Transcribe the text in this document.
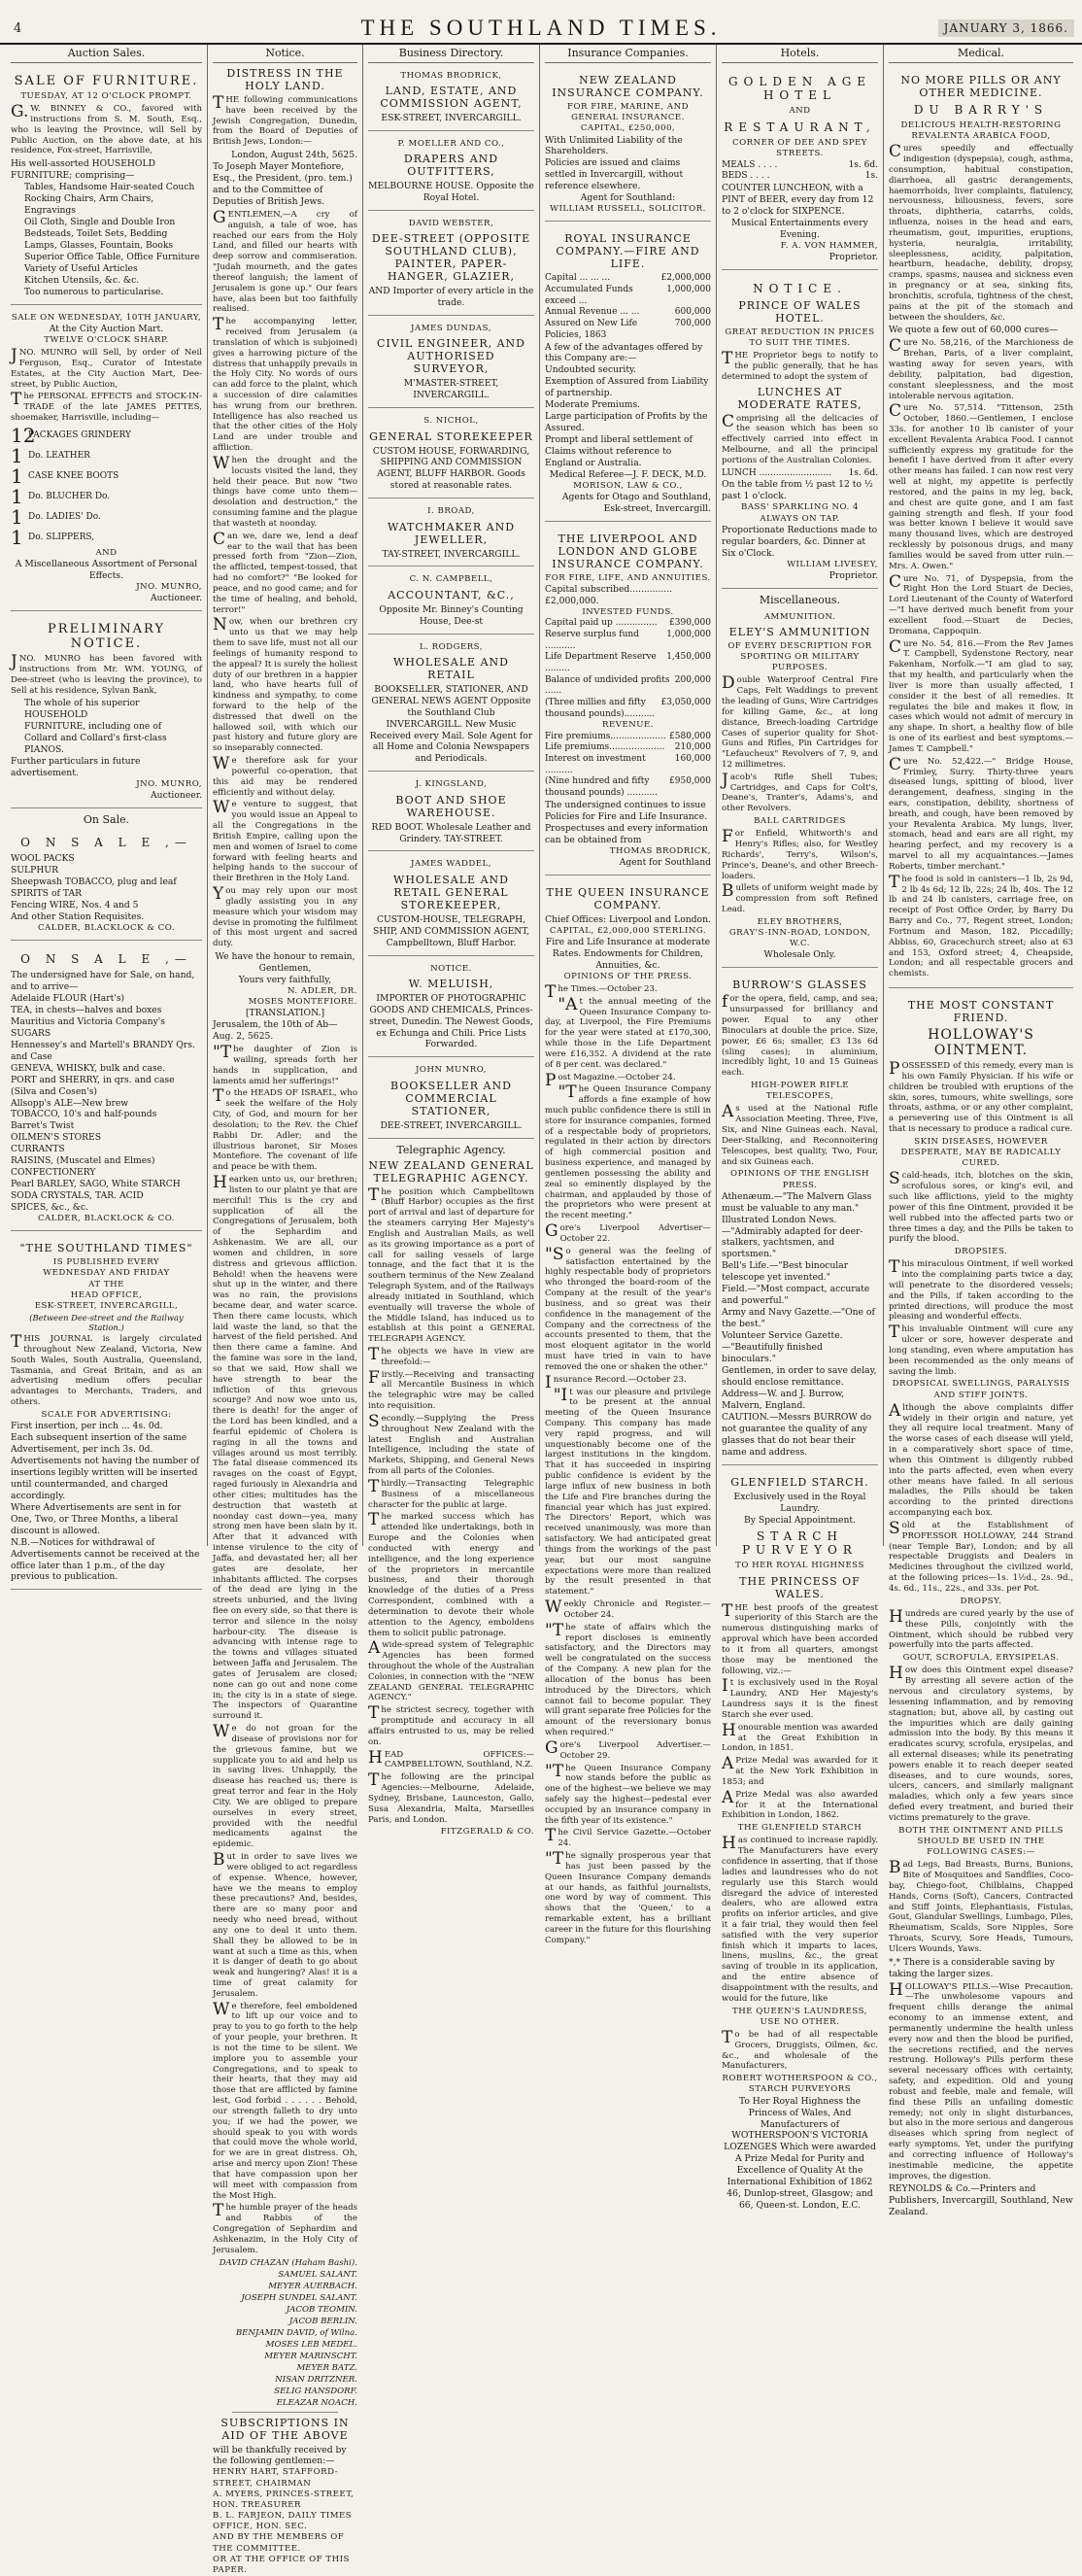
4	THE SOUTHLAND TIMES.	JANUARY 3, 1866.
Auction Sales.
SALE OF FURNITURE.

TUESDAY, AT 12 O'CLOCK PROMPT.

G.W. BINNEY & CO., favored with instructions from S. M. South, Esq., who is leaving the Province, will Sell by Public Auction, on the above date, at his residence, Fox-street, Harrisville,

His well-assorted HOUSEHOLD FURNITURE; comprising—

Tables, Handsome Hair-seated Couch

Rocking Chairs, Arm Chairs, Engravings

Oil Cloth, Single and Double Iron Bedsteads, Toilet Sets, Bedding

Lamps, Glasses, Fountain, Books

Superior Office Table, Office Furniture

Variety of Useful Articles

Kitchen Utensils, &c. &c.

Too numerous to particularise.

SALE ON WEDNESDAY, 10TH JANUARY,

At the City Auction Mart.

TWELVE O'CLOCK SHARP.

JNO. MUNRO will Sell, by order of Neil Ferguson, Esq., Curator of Intestate Estates, at the City Auction Mart, Dee-street, by Public Auction,

The PERSONAL EFFECTS and STOCK-IN-TRADE of the late JAMES PETTES, shoemaker, Harrisville, including—

12
PACKAGES GRINDERY
1 Do. LEATHER
1 CASE KNEE BOOTS
1 Do. BLUCHER Do.
1 Do. LADIES' Do.
1 Do. SLIPPERS,

AND

A Miscellaneous Assortment of Personal Effects.

JNO. MUNRO,

Auctioneer.

PRELIMINARY NOTICE.

JNO. MUNRO has been favored with instructions from Mr. WM. YOUNG, of Dee-street (who is leaving the province), to Sell at his residence, Sylvan Bank,

The whole of his superior HOUSEHOLD

FURNITURE, including one of

Collard and Collard's first-class

PIANOS.

Further particulars in future advertisement.

JNO. MUNRO,

Auctioneer.

On Sale.
O N S A L E ,—

WOOL PACKS

SULPHUR

Sheepwash TOBACCO, plug and leaf

SPIRITS of TAR

Fencing WIRE, Nos. 4 and 5

And other Station Requisites.

CALDER, BLACKLOCK & CO.

O N S A L E ,—

The undersigned have for Sale, on hand, and to arrive—

Adelaide FLOUR (Hart's)

TEA, in chests—halves and boxes

Mauritius and Victoria Company's SUGARS

Hennessey's and Martell's BRANDY Qrs. and Case

GENEVA, WHISKY, bulk and case.

PORT and SHERRY, in qrs. and case (Silva and Cosen's)

Allsopp's ALE—New brew

TOBACCO, 10's and half-pounds

Barret's Twist

OILMEN'S STORES

CURRANTS

RAISINS, (Muscatel and Elmes)

CONFECTIONERY

Pearl BARLEY, SAGO, White STARCH

SODA CRYSTALS, TAR. ACID

SPICES, &c., &c.

CALDER, BLACKLOCK & CO.

"THE SOUTHLAND TIMES"

IS PUBLISHED EVERY

WEDNESDAY AND FRIDAY

AT THE

HEAD OFFICE,

ESK-STREET, INVERCARGILL,

(Between Dee-street and the Railway Station.)

THIS JOURNAL is largely circulated throughout New Zealand, Victoria, New South Wales, South Australia, Queensland, Tasmania, and Great Britain, and as an advertising medium offers peculiar advantages to Merchants, Traders, and others.

SCALE FOR ADVERTISING:

First insertion, per inch ... 4s. 0d.

Each subsequent insertion of the same Advertisement, per inch 3s. 0d.

Advertisements not having the number of insertions legibly written will be inserted until countermanded, and charged accordingly.

Where Advertisements are sent in for One, Two, or Three Months, a liberal discount is allowed.

N.B.—Notices for withdrawal of Advertisements cannot be received at the office later than 1 p.m., of the day previous to publication.

Notice.
DISTRESS IN THE HOLY LAND.

THE following communications have been received by the Jewish Congregation, Dunedin, from the Board of Deputies of British Jews, London:—

London, August 24th, 5625.

To Joseph Mayer Montefiore, Esq., the President, (pro. tem.) and to the Committee of Deputies of British Jews.

GENTLEMEN,—A cry of anguish, a tale of woe, has reached our ears from the Holy Land, and filled our hearts with deep sorrow and commiseration. "Judah mourneth, and the gates thereof languish; the lament of Jerusalem is gone up." Our fears have, alas been but too faithfully realised.

The accompanying letter, received from Jerusalem (a translation of which is subjoined) gives a harrowing picture of the distress that unhappily prevails in the Holy City. No words of ours can add force to the plaint, which a succession of dire calamities has wrung from our brethren. Intelligence has also reached us that the other cities of the Holy Land are under trouble and affliction.

When the drought and the locusts visited the land, they held their peace. But now "two things have come unto them—desolation and destruction," the consuming famine and the plague that wasteth at noonday.

Can we, dare we, lend a deaf ear to the wail that has been pressed forth from "Zion—Zion, the afflicted, tempest-tossed, that had no comfort?" "Be looked for peace, and no good came; and for the time of healing, and behold, terror!"

Now, when our brethren cry unto us that we may help them to save life, must not all our feelings of humanity respond to the appeal? It is surely the holiest duty of our brethren in a happier land, who have hearts full of kindness and sympathy, to come forward to the help of the distressed that dwell on the hallowed soil, with which our past history and future glory are so inseparably connected.

We therefore ask for your powerful co-operation, that this aid may be rendered efficiently and without delay.

We venture to suggest, that you would issue an Appeal to all the Congregations in the British Empire, calling upon the men and women of Israel to come forward with feeling hearts and helping hands to the succour of their Brethren in the Holy Land.

You may rely upon our most gladly assisting you in any measure which your wisdom may devise in promoting the fulfilment of this most urgent and sacred duty.

We have the honour to remain,

Gentlemen,

Yours very faithfully,

N. ADLER, DR.

MOSES MONTEFIORE.

[TRANSLATION.]

Jerusalem, the 10th of Ab—Aug. 2, 5625.

"The daughter of Zion is wailing, spreads forth her hands in supplication, and laments amid her sufferings!"

To the HEADS OF ISRAEL, who seek the welfare of the Holy City, of God, and mourn for her desolation; to the Rev. the Chief Rabbi Dr. Adler; and the illustrious baronet, Sir Moses Montefiore. The covenant of life and peace be with them.

Hearken unto us, our brethren; listen to our plaint ye that are merciful! This is the cry and supplication of all the Congregations of Jerusalem, both of the Sephardim and Ashkenasim. We are all, our women and children, in sore distress and grievous affliction. Behold! when the heavens were shut up in the winter, and there was no rain, the provisions became dear, and water scarce. Then there came locusts, which laid waste the land, so that the harvest of the field perished. And then there came a famine. And the famine was sore in the land, so that we said, How shall we have strength to bear the infliction of this grievous scourge? And now woe unto us, there is death! for the anger of the Lord has been kindled, and a fearful epidemic of Cholera is raging in all the towns and villages around us most terribly. The fatal disease commenced its ravages on the coast of Egypt, raged furiously in Alexandria and other cities; multitudes has the destruction that wasteth at noonday cast down—yea, many strong men have been slain by it. After that it advanced with intense virulence to the city of Jaffa, and devastated her; all her gates are desolate, her inhabitants afflicted. The corpses of the dead are lying in the streets unburied, and the living flee on every side, so that there is terror and silence in the noisy harbour-city. The disease is advancing with intense rage to the towns and villages situated between Jaffa and Jerusalem. The gates of Jerusalem are closed; none can go out and none come in; the city is in a state of siege. The inspectors of Quarantine surround it.

We do not groan for the disease of provisions nor for the grievous famine, but we supplicate you to aid and help us in saving lives. Unhappily, the disease has reached us; there is great terror and fear in the Holy City. We are obliged to prepare ourselves in every street, provided with the needful medicaments against the epidemic.

But in order to save lives we were obliged to act regardless of expense. Whence, however, have we the means to employ these precautions? And, besides, there are so many poor and needy who need bread, without any one to deal it unto them. Shall they be allowed to be in want at such a time as this, when it is danger of death to go about weak and hungering? Alas! it is a time of great calamity for Jerusalem.

We therefore, feel emboldened to lift up our voice and to pray to you to go forth to the help of your people, your brethren. It is not the time to be silent. We implore you to assemble your Congregations, and to speak to their hearts, that they may aid those that are afflicted by famine lest, God forbid . . . . . . Behold, our strength falleth to dry unto you; if we had the power, we should speak to you with words that could move the whole world, for we are in great distress. Oh, arise and mercy upon Zion! These that have compassion upon her will meet with compassion from the Most High.

The humble prayer of the heads and Rabbis of the Congregation of Sephardim and Ashkenazim, in the Holy City of Jerusalem.

DAVID CHAZAN (Haham Bashi).

SAMUEL SALANT.

MEYER AUERBACH.

JOSEPH SUNDEL SALANT.

JACOB TEOMIN.

JACOB BERLIN.

BENJAMIN DAVID, of Wilna.

MOSES LEB MEDEL.

MEYER MARINSCHT.

MEYER BATZ.

NISAN DRITZNER.

SELIG HANSDORF.

ELEAZAR NOACH.

SUBSCRIPTIONS IN AID OF THE ABOVE

will be thankfully received by the following gentlemen:—

HENRY HART, STAFFORD-STREET, CHAIRMAN

A. MYERS, PRINCES-STREET, HON. TREASURER

B. L. FARJEON, DAILY TIMES OFFICE, HON. SEC.

AND BY THE MEMBERS OF THE COMMITTEE.

OR AT THE OFFICE OF THIS PAPER.

Business Directory.

THOMAS BRODRICK,

LAND, ESTATE, AND COMMISSION AGENT,

ESK-STREET, INVERCARGILL.

P. MOELLER AND CO.,

DRAPERS AND OUTFITTERS,

MELBOURNE HOUSE. Opposite the Royal Hotel.

DAVID WEBSTER,

DEE-STREET (OPPOSITE SOUTHLAND CLUB), PAINTER, PAPER-HANGER, GLAZIER,

AND Importer of every article in the trade.

JAMES DUNDAS,

CIVIL ENGINEER, AND AUTHORISED SURVEYOR,

M'MASTER-STREET, INVERCARGILL.

S. NICHOL,

GENERAL STOREKEEPER

CUSTOM HOUSE, FORWARDING, SHIPPING AND COMMISSION AGENT, BLUFF HARBOR. Goods stored at reasonable rates.

I. BROAD,

WATCHMAKER AND JEWELLER,

TAY-STREET, INVERCARGILL.

C. N. CAMPBELL,

ACCOUNTANT, &C.,

Opposite Mr. Binney's Counting House, Dee-st

L. RODGERS,

WHOLESALE AND RETAIL

BOOKSELLER, STATIONER, AND GENERAL NEWS AGENT Opposite the Southland Club INVERCARGILL. New Music Received every Mail. Sole Agent for all Home and Colonia Newspapers and Periodicals.

J. KINGSLAND,

BOOT AND SHOE WAREHOUSE.

RED BOOT. Wholesale Leather and Grindery. TAY-STREET.

JAMES WADDEL,

WHOLESALE AND RETAIL GENERAL STOREKEEPER,

CUSTOM-HOUSE, TELEGRAPH, SHIP, AND COMMISSION AGENT, Campbelltown, Bluff Harbor.

NOTICE.

W. MELUISH,

IMPORTER OF PHOTOGRAPHIC GOODS AND CHEMICALS, Princes-street, Dunedin. The Newest Goods, ex Echunga and Chili. Price Lists Forwarded.

JOHN MUNRO,

BOOKSELLER AND COMMERCIAL STATIONER,

DEE-STREET, INVERCARGILL.

Telegraphic Agency.
NEW ZEALAND GENERAL TELEGRAPHIC AGENCY.

The position which Campbelltown (Bluff Harbor) occupies as the first port of arrival and last of departure for the steamers carrying Her Majesty's English and Australian Mails, as well as its growing importance as a port of call for sailing vessels of large tonnage, and the fact that it is the southern terminus of the New Zealand Telegraph System, and of the Railways already initiated in Southland, which eventually will traverse the whole of the Middle Island, has induced us to establish at this point a GENERAL TELEGRAPH AGENCY.

The objects we have in view are threefold:—

Firstly.—Receiving and transacting all Mercantile Business in which the telegraphic wire may be called into requisition.

Secondly.—Supplying the Press throughout New Zealand with the latest English and Australian Intelligence, including the state of Markets, Shipping, and General News from all parts of the Colonies.

Thirdly.—Transacting Telegraphic Business of a miscellaneous character for the public at large.

The marked success which has attended like undertakings, both in Europe and the Colonies when conducted with energy and intelligence, and the long experience of the proprietors in mercantile business, and their thorough knowledge of the duties of a Press Correspondent, combined with a determination to devote their whole attention to the Agency, emboldens them to solicit public patronage.

Awide-spread system of Telegraphic Agencies has been formed throughout the whole of the Australian Colonies, in connection with the "NEW ZEALAND GENERAL TELEGRAPHIC AGENCY."

The strictest secrecy, together with promptitude and accuracy in all affairs entrusted to us, may be relied on.

HEAD OFFICES:—CAMPBELLTOWN, Southland, N.Z.

The following are the principal Agencies:—Melbourne, Adelaide, Sydney, Brisbane, Launceston, Gallo, Susa Alexandria, Malta, Marseilles Paris, and London.

FITZGERALD & CO.

Insurance Companies.
NEW ZEALAND INSURANCE COMPANY.

FOR FIRE, MARINE, AND GENERAL INSURANCE.

CAPITAL, £250,000,

With Unlimited Liability of the Shareholders.

Policies are issued and claims settled in Invercargill, without reference elsewhere.

Agent for Southland:

WILLIAM RUSSELL, SOLICITOR.

ROYAL INSURANCE COMPANY.—FIRE AND LIFE.
Capital ... ... ...	£2,000,000
Accumulated Funds exceed ...
1,000,000
Annual Revenue ... ...	600,000
Assured on New Life Policies, 1863
700,000

A few of the advantages offered by this Company are:—

Undoubted security.

Exemption of Assured from Liability of partnership.

Moderate Premiums.

Large participation of Profits by the Assured.

Prompt and liberal settlement of Claims without reference to England or Australia.

Medical Referee—J. F. DECK, M.D.

MORISON, LAW & CO.,

Agents for Otago and Southland, Esk-street, Invercargill.

THE LIVERPOOL AND LONDON AND GLOBE INSURANCE COMPANY.

FOR FIRE, LIFE, AND ANNUITIES.

Capital subscribed...............£2,000,000.

INVESTED FUNDS.

Capital paid up ............... £390,000
Reserve surplus fund ...........
1,000,000
Life Department Reserve .........
1,450,000
Balance of undivided profits ......
200,000
(Three millies and fifty thousand pounds)...........
£3,050,000

REVENUE.

Fire premiums.................... £580,000
Life premiums.................... 210,000
Interest on investment ..........
160,000
(Nine hundred and fifty thousand pounds) ...........
£950,000

The undersigned continues to issue Policies for Fire and Life Insurance.

Prospectuses and every information can be obtained from

THOMAS BRODRICK,

Agent for Southland

THE QUEEN INSURANCE COMPANY.

Chief Offices: Liverpool and London.

CAPITAL, £2,000,000 STERLING.

Fire and Life Insurance at moderate Rates. Endowments for Children, Annuities, &c.

OPINIONS OF THE PRESS.

The Times.—October 23.

"At the annual meeting of the Queen Insurance Company to-day, at Liverpool, the Fire Premiums for the year were stated at £170,300, while those in the Life Department were £16,352. A dividend at the rate of 8 per cent. was declared."

Post Magazine.—October 24.

"The Queen Insurance Company affords a fine example of how much public confidence there is still in store for insurance companies, formed of a respectable body of proprietors, regulated in their action by directors of high commercial position and business experience, and managed by gentlemen possessing the ability and zeal so eminently displayed by the chairman, and applauded by those of the proprietors who were present at the recent meeting."

Gore's Liverpool Advertiser—October 22.

"So general was the feeling of satisfaction entertained by the highly respectable body of proprietors who thronged the board-room of the Company at the result of the year's business, and so great was their confidence in the management of the Company and the correctness of the accounts presented to them, that the most eloquent agitator in the world must have tried in vain to have removed the one or shaken the other."

Insurance Record.—October 23.

"It was our pleasure and privilege to be present at the annual meeting of the Queen Insurance Company. This company has made very rapid progress, and will unquestionably become one of the largest institutions in the kingdom. That it has succeeded in inspiring public confidence is evident by the large influx of new business in both the Life and Fire branches during the financial year which has just expired. The Directors' Report, which was received unanimously, was more than satisfactory. We had anticipated great things from the workings of the past year, but our most sanguine expectations were more than realized by the result presented in that statement."

Weekly Chronicle and Register.—October 24.

"The state of affairs which the report discloses is eminently satisfactory, and the Directors may well be congratulated on the success of the Company. A new plan for the allocation of the bonus has been introduced by the Directors, which cannot fail to become popular. They will grant separate free Policies for the amount of the reversionary bonus when required."

Gore's Liverpool Advertiser.—October 29.

"The Queen Insurance Company now stands before the public as one of the highest—we believe we may safely say the highest—pedestal ever occupied by an insurance company in the fifth year of its existence."

The Civil Service Gazette.—October 24.

"The signally prosperous year that has just been passed by the Queen Insurance Company demands at our hands, as faithful journalists, one word by way of comment. This shows that the 'Queen,' to a remarkable extent, has a brilliant career in the future for this flourishing Company."

Hotels.
GOLDEN AGE HOTEL

AND

RESTAURANT,

CORNER OF DEE AND SPEY STREETS.

MEALS . . . .	1s. 6d.
BEDS . . . .	1s.

COUNTER LUNCHEON, with a PINT of BEER, every day from 12 to 2 o'clock for SIXPENCE.

Musical Entertainments every Evening.

F. A. VON HAMMER,

Proprietor.

NOTICE.
PRINCE OF WALES HOTEL.

GREAT REDUCTION IN PRICES TO SUIT THE TIMES.

THE Proprietor begs to notify to the public generally, that he has determined to adopt the system of

LUNCHES AT MODERATE RATES,

Comprising all the delicacies of the season which has been so effectively carried into effect in Melbourne, and all the principal portions of the Australian Colonies.

LUNCH .......................... 1s. 6d.

On the table from ½ past 12 to ½ past 1 o'clock.

BASS' SPARKLING NO. 4 ALWAYS ON TAP.

Proportionate Reductions made to regular boarders, &c. Dinner at Six o'Clock.

WILLIAM LIVESEY,

Proprietor.

Miscellaneous.

AMMUNITION.

ELEY'S AMMUNITION

OF EVERY DESCRIPTION FOR SPORTING OR MILITARY PURPOSES.

Double Waterproof Central Fire Caps, Felt Waddings to prevent the leading of Guns, Wire Cartridges for killing Game, &c., at long distance, Breech-loading Cartridge Cases of superior quality for Shot-Guns and Rifles, Pin Cartridges for "Lefaucheux" Revolvers of 7, 9, and 12 millimetres.

Jacob's Rifle Shell Tubes; Cartridges, and Caps for Colt's, Deane's, Tranter's, Adams's, and other Revolvers.

BALL CARTRIDGES

For Enfield, Whitworth's and Henry's Rifles; also, for Westley Richards', Terry's, Wilson's, Prince's, Deane's, and other Breech-loaders.

Bullets of uniform weight made by compression from soft Refined Lead.

ELEY BROTHERS,

GRAY'S-INN-ROAD, LONDON, W.C.

Wholesale Only.

BURROW'S GLASSES

for the opera, field, camp, and sea; unsurpassed for brilliancy and power. Equal to any other Binoculars at double the price. Size, power, £6 6s; smaller, £3 13s 6d (sling cases); in aluminium, incredibly light, 10 and 15 Guineas each.

HIGH-POWER RIFLE TELESCOPES,

As used at the National Rifle Association Meeting. Three, Five, Six, and Nine Guineas each. Naval, Deer-Stalking, and Reconnoitering Telescopes, best quality, Two, Four, and six Guineas each.

OPINIONS OF THE ENGLISH PRESS.

Athenæum.—"The Malvern Glass must be valuable to any man."

Illustrated London News.—"Admirably adapted for deer-stalkers, yachtsmen, and sportsmen."

Bell's Life.—"Best binocular telescope yet invented."

Field.—"Most compact, accurate and powerful."

Army and Navy Gazette.—"One of the best."

Volunteer Service Gazette.—"Beautifully finished binoculars."

Gentlemen, in order to save delay, should enclose remittance.

Address—W. and J. Burrow, Malvern, England.

CAUTION.—Messrs BURROW do not guarantee the quality of any glasses that do not bear their name and address.

GLENFIELD STARCH.

Exclusively used in the Royal Laundry.

By Special Appointment.

STARCH PURVEYOR

TO HER ROYAL HIGHNESS

THE PRINCESS OF WALES.

THE best proofs of the greatest superiority of this Starch are the numerous distinguishing marks of approval which have been accorded to it from all quarters, amongst those may be mentioned the following, viz.:—

It is exclusively used in the Royal Laundry, AND Her Majesty's Laundress says it is the finest Starch she ever used.

Honourable mention was awarded at the Great Exhibition in London, in 1851.

APrize Medal was awarded for it at the New York Exhibition in 1853; and

APrize Medal was also awarded for it at the International Exhibition in London, 1862.

THE GLENFIELD STARCH

Has continued to increase rapidly. The Manufacturers have every confidence in asserting, that if those ladies and laundresses who do not regularly use this Starch would disregard the advice of interested dealers, who are allowed extra profits on inferior articles, and give it a fair trial, they would then feel satisfied with the very superior finish which it imparts to laces, linens, muslins, &c., the great saving of trouble in its application, and the entire absence of disappointment with the results, and would for the future, like

THE QUEEN'S LAUNDRESS, USE NO OTHER.

To be had of all respectable Grocers, Druggists, Oilmen, &c. &c., and wholesale of the Manufacturers,

ROBERT WOTHERSPOON & CO.,

STARCH PURVEYORS

To Her Royal Highness the Princess of Wales, And Manufacturers of WOTHERSPOON'S VICTORIA LOZENGES Which were awarded A Prize Medal for Purity and Excellence of Quality At the International Exhibition of 1862

46, Dunlop-street, Glasgow; and 66, Queen-st. London, E.C.

Medical.
NO MORE PILLS OR ANY OTHER MEDICINE.
DU BARRY'S

DELICIOUS HEALTH-RESTORING REVALENTA ARABICA FOOD,

Cures speedily and effectually indigestion (dyspepsia), cough, asthma, consumption, habitual constipation, diarrhoea, all gastric derangements, haemorrhoids, liver complaints, flatulency, nervousness, biliousness, fevers, sore throats, diphtheria, catarrhs, colds, influenza, noises in the head and ears, rheumatism, gout, impurities, eruptions, hysteria, neuralgia, irritability, sleeplessness, acidity, palpitation, heartburn, headache, debility, dropsy, cramps, spasms, nausea and sickness even in pregnancy or at sea, sinking fits, bronchitis, scrofula, tightness of the chest, pains at the pit of the stomach and between the shoulders, &c.

We quote a few out of 60,000 cures—

Cure No. 58,216, of the Marchioness de Brehan, Paris, of a liver complaint, wasting away for seven years, with debility, palpitation, bad digestion, constant sleeplessness, and the most intolerable nervous agitation.

Cure No. 57,514. "Tittenson, 25th October, 1860.—Gentlemen, I enclose 33s. for another 10 lb canister of your excellent Revalenta Arabica Food. I cannot sufficiently express my gratitude for the benefit I have derived from it after every other means has failed. I can now rest very well at night, my appetite is perfectly restored, and the pains in my leg, back, and chest are quite gone, and I am fast gaining strength and flesh. If your food was better known I believe it would save many thousand lives, which are destroyed recklessly by poisonous drugs, and many families would be saved from utter ruin.—Mrs. A. Owen."

Cure No. 71, of Dyspepsia, from the Right Hon the Lord Stuart de Decies, Lord Lieutenant of the County of Waterford—"I have derived much benefit from your excellent food.—Stuart de Decies, Dromana, Cappoquin.

Cure No. 54, 816.—From the Rev James T. Campbell, Sydenstone Rectory, near Fakenham, Norfolk.—"I am glad to say, that my health, and particularly when the liver is more than usually affected, I consider it the best of all remedies. It regulates the bile and makes it flow, in cases which would not admit of mercury in any shape. In short, a healthy flow of bile is one of its earliest and best symptoms.—James T. Campbell."

Cure No. 52,422.—" Bridge House, Frimley, Surry. Thirty-three years diseased lungs, spitting of blood, liver derangement, deafness, singing in the ears, constipation, debility, shortness of breath, and cough, have been removed by your Revalenta Arabica. My lungs, liver, stomach, head and ears are all right, my hearing perfect, and my recovery is a marvel to all my acquaintances.—James Roberts, timber merchant."

The food is sold in canisters—1 lb, 2s 9d, 2 lb 4s 6d; 12 lb, 22s; 24 lb, 40s. The 12 lb and 24 lb canisters, carriage free, on receipt of Post Office Order, by Barry Du Barry and Co., 77, Regent street, London; Fortnum and Mason, 182, Piccadilly; Abbiss, 60, Gracechurch street; also at 63 and 153, Oxford street; 4, Cheapside, London; and all respectable grocers and chemists.

THE MOST CONSTANT FRIEND.
HOLLOWAY'S OINTMENT.

POSSESSED of this remedy, every man is his own Family Physician. If his wife or children be troubled with eruptions of the skin, sores, tumours, white swellings, sore throats, asthma, or or any other complaint, a persevering use of this Ointment is all that is necessary to produce a radical cure.

SKIN DISEASES, HOWEVER DESPERATE, MAY BE RADICALLY CURED.

Scald-heads, itch, blotches on the skin, scrofulous sores, or king's evil, and such like afflictions, yield to the mighty power of this fine Ointment, provided it be well rubbed into the affected parts two or three times a day, and the Pills be taken to purify the blood.

DROPSIES.

This miraculous Ointment, if well worked into the complaining parts twice a day, will penetrate to the disordered vessels; and the Pills, if taken according to the printed directions, will produce the most pleasing and wonderful effects.

This invaluable Ointment will cure any ulcer or sore, however desperate and long standing, even where amputation has been recommended as the only means of saving the limb.

DROPSICAL SWELLINGS, PARALYSIS AND STIFF JOINTS.

Although the above complaints differ widely in their origin and nature, yet they all require local treatment. Many of the worse cases of each disease will yield, in a comparatively short space of time, when this Ointment is diligently rubbed into the parts affected, even when every other means have failed. In all serious maladies, the Pills should be taken according to the printed directions accompanying each box.

Sold at the Establishment of PROFESSOR HOLLOWAY, 244 Strand (near Temple Bar), London; and by all respectable Druggists and Dealers in Medicines throughout the civilized world, at the following prices—1s. 1½d., 2s. 9d., 4s. 6d., 11s., 22s., and 33s. per Pot.

DROPSY.

Hundreds are cured yearly by the use of these Pills, conjointly with the Ointment, which should be rubbed very powerfully into the parts affected.

GOUT, SCROFULA, ERYSIPELAS.

How does this Ointment expel disease? By arresting all severe action of the nervous and circulatory systems, by lessening inflammation, and by removing stagnation; but, above all, by casting out the impurities which are daily gaining admission into the body. By this means it eradicates scurvy, scrofula, erysipelas, and all external diseases; while its penetrating powers enable it to reach deeper seated diseases, and to cure wounds, sores, ulcers, cancers, and similarly malignant maladies, which only a few years since defied every treatment, and buried their victims prematurely to the grave.

BOTH THE OINTMENT AND PILLS SHOULD BE USED IN THE FOLLOWING CASES:—

Bad Legs, Bad Breasts, Burns, Bunions, Bite of Mosquitoes and Sandflies, Coco-bay, Chiego-foot, Chilblains, Chapped Hands, Corns (Soft), Cancers, Contracted and Stiff Joints, Elephantiasis, Fistulas, Gout, Glandular Swellings, Lumbago, Piles, Rheumatism, Scalds, Sore Nipples, Sore Throats, Scurvy, Sore Heads, Tumours, Ulcers Wounds, Yaws.

*,* There is a considerable saving by taking the larger sizes.

HOLLOWAY'S PILLS.—Wise Precaution.—The unwholesome vapours and frequent chills derange the animal economy to an immense extent, and permanently undermine the health unless every now and then the blood be purified, the secretions rectified, and the nerves restrung. Holloway's Pills perform these several necessary offices with certainty, safety, and expedition. Old and young robust and feeble, male and female, will find these Pills an unfailing domestic remedy; not only in slight disturbances, but also in the more serious and dangerous diseases which spring from neglect of early symptoms. Yet, under the purifying and correcting influence of Holloway's inestimable medicine, the appetite improves, the digestion.

REYNOLDS & Co.—Printers and Publishers, Invercargill, Southland, New Zealand.
